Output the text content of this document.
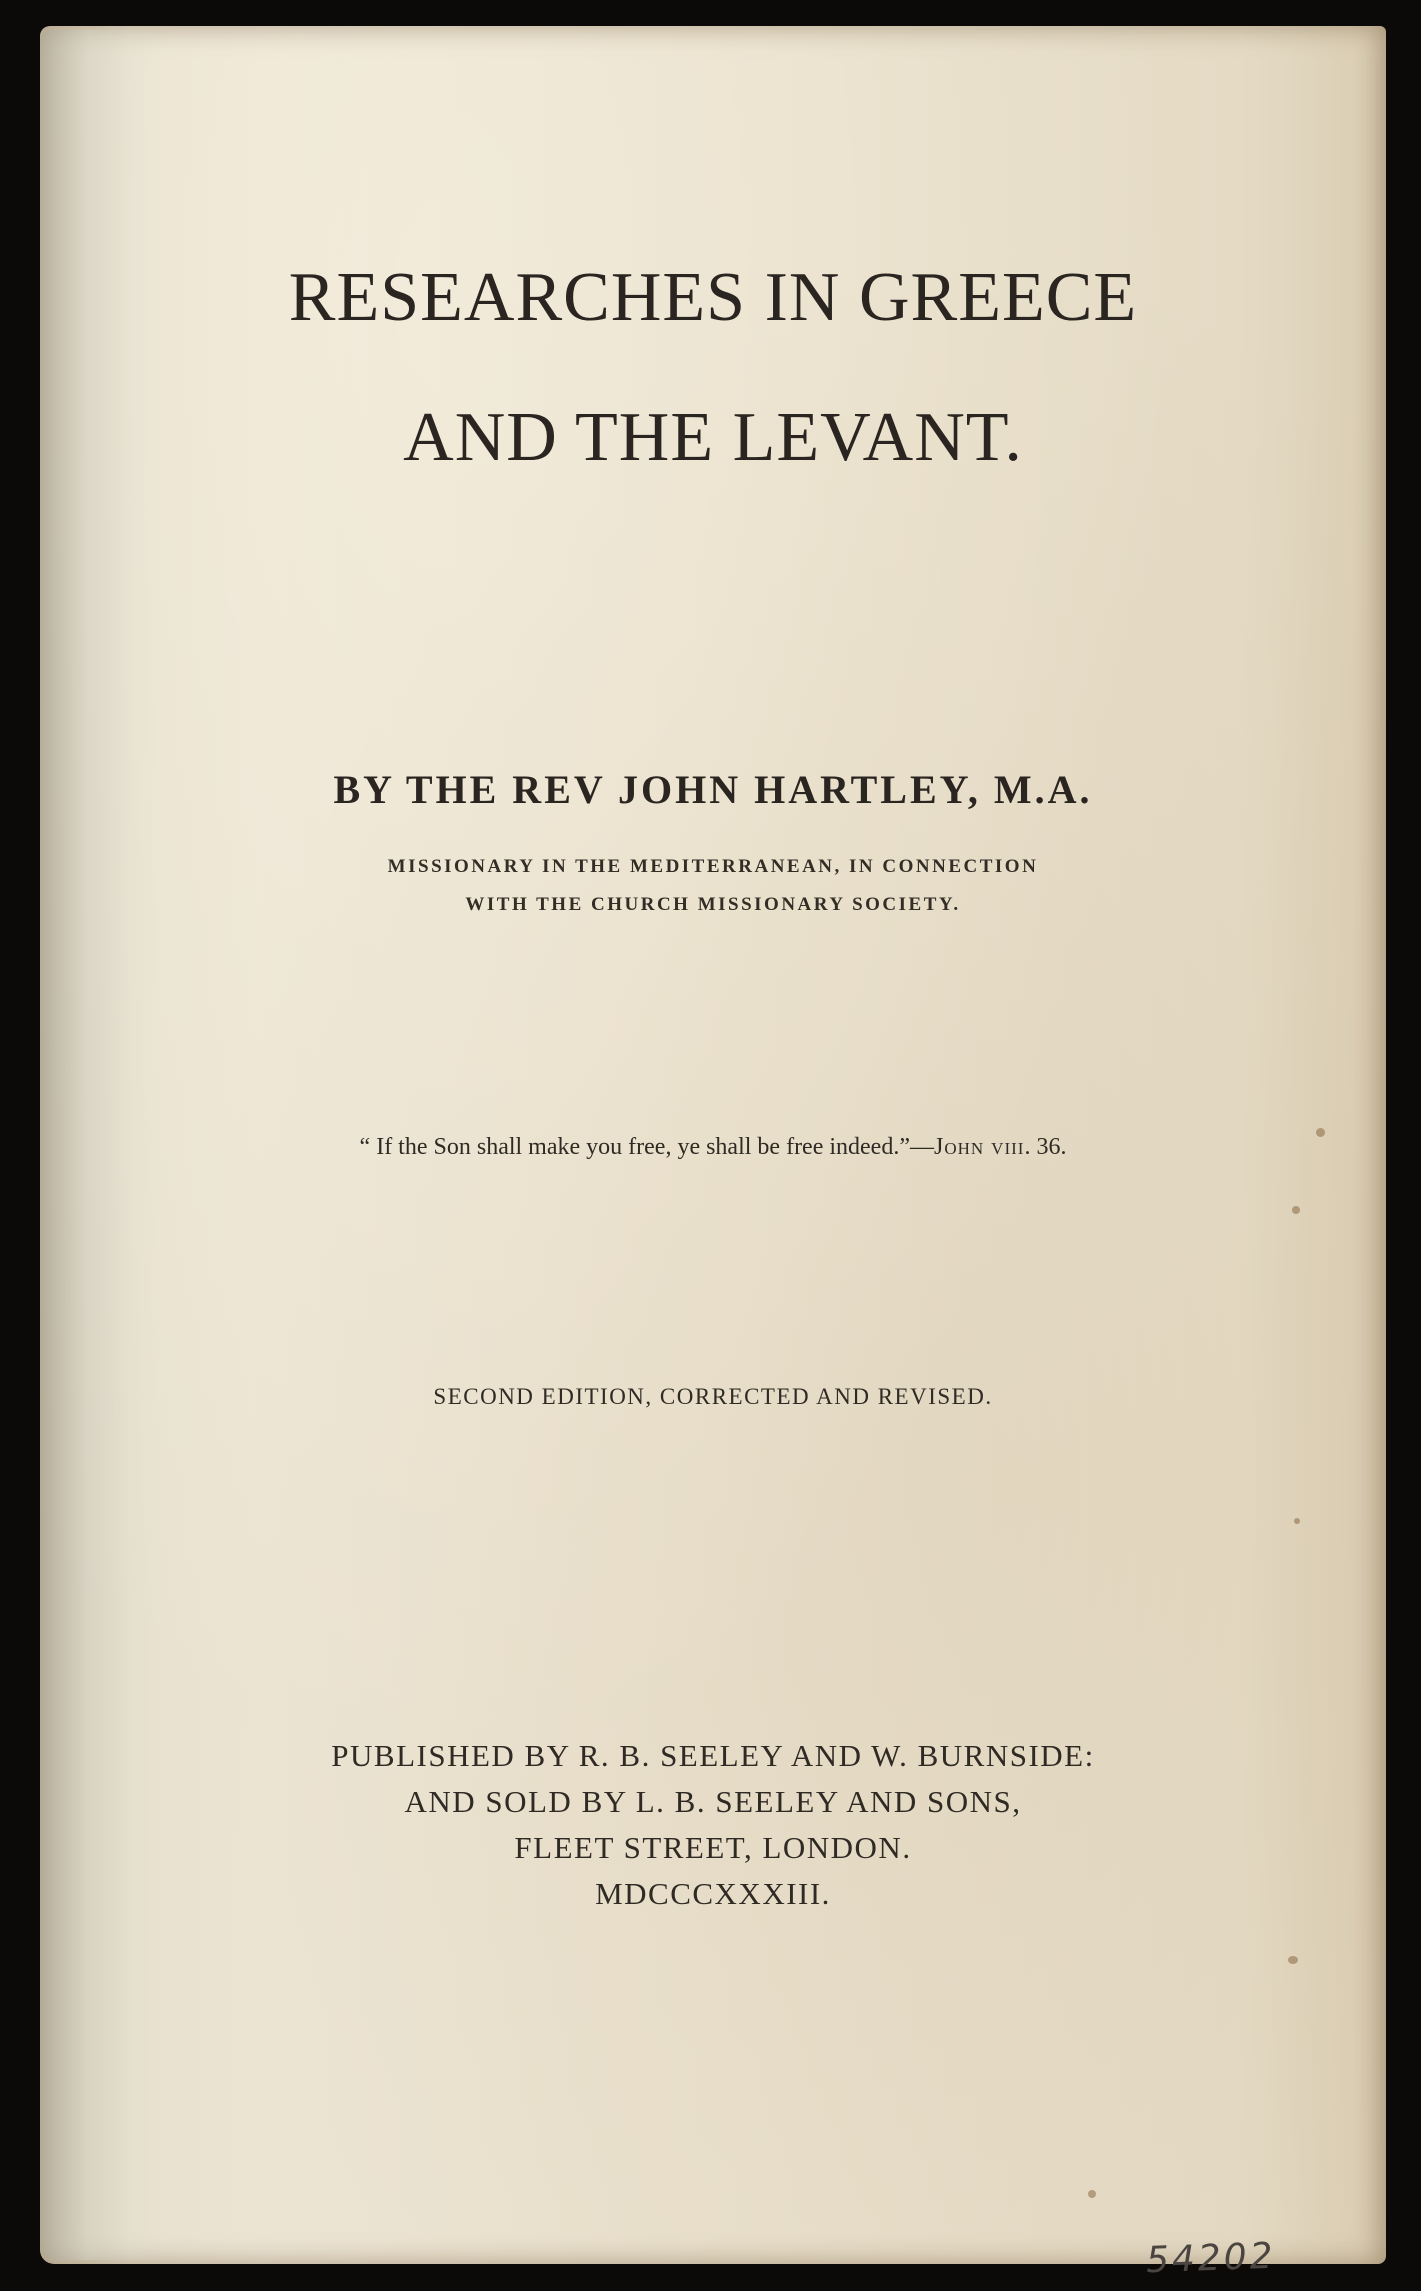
RESEARCHES IN GREECE
AND THE LEVANT.
BY THE REV JOHN HARTLEY, M.A.
MISSIONARY IN THE MEDITERRANEAN, IN CONNECTION
WITH THE CHURCH MISSIONARY SOCIETY.
“ If the Son shall make you free, ye shall be free indeed.”—John viii. 36.
SECOND EDITION, CORRECTED AND REVISED.
PUBLISHED BY R. B. SEELEY AND W. BURNSIDE:
AND SOLD BY L. B. SEELEY AND SONS,
FLEET STREET, LONDON.
MDCCCXXXIII.
54202
